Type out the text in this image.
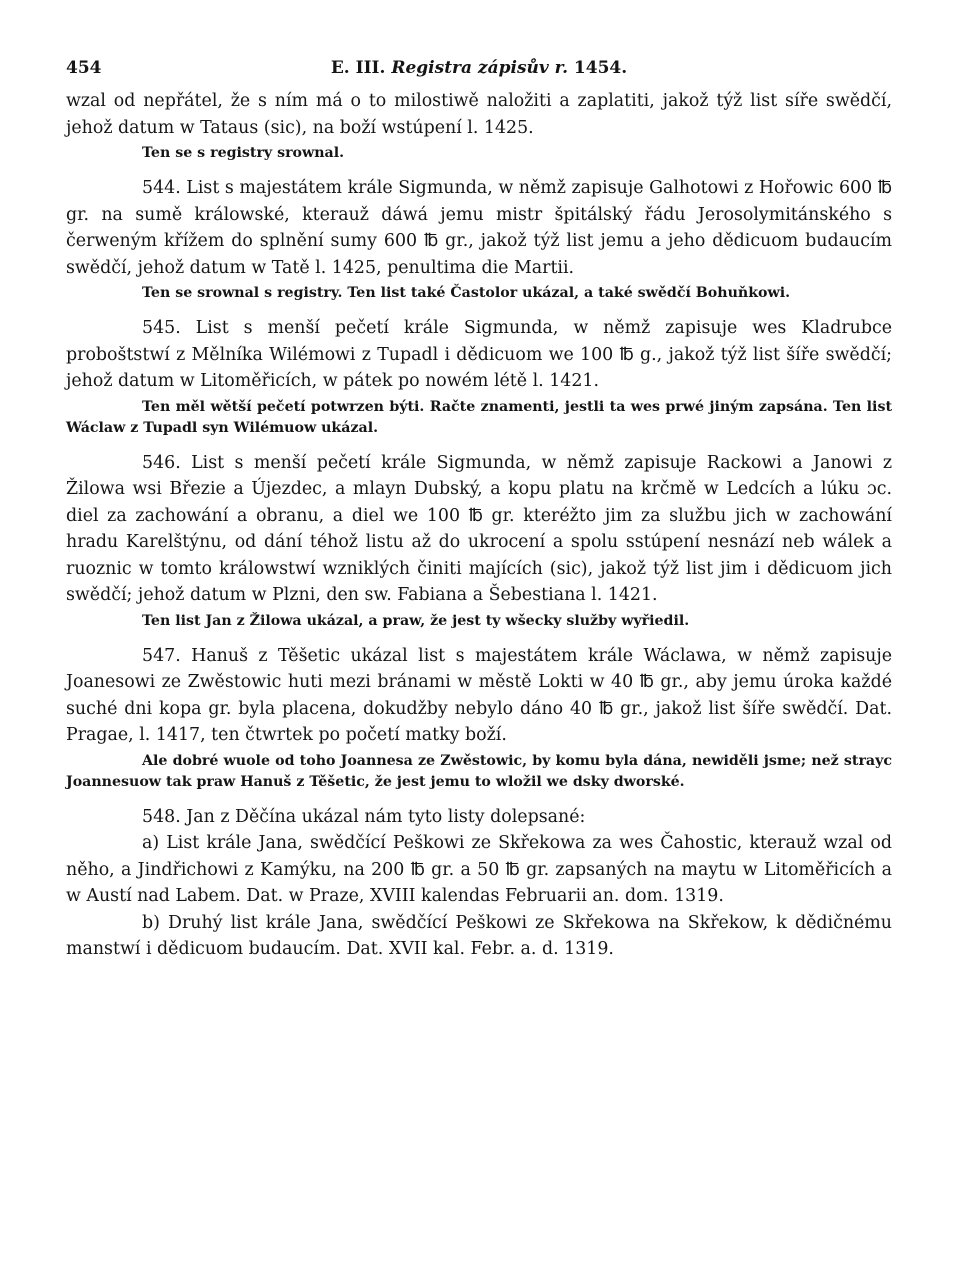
454	E. III. Registra zápisův r. 1454.

wzal od nepřátel, že s ním má o to milostiwě naložiti a zaplatiti, jakož týž list síře swědčí, jehož datum w Tataus (sic), na boží wstúpení l. 1425.

Ten se s registry srownal.

544. List s majestátem krále Sigmunda, w němž zapisuje Galhotowi z Hořowic 600 ℔ gr. na sumě králowské, kterauž dáwá jemu mistr špitálský řádu Jerosolymitánského s čerweným křížem do splnění sumy 600 ℔ gr., jakož týž list jemu a jeho dědicuom budaucím swědčí, jehož datum w Tatě l. 1425, penultima die Martii.

Ten se srownal s registry. Ten list také Častolor ukázal, a také swědčí Bohuňkowi.

545. List s menší pečetí krále Sigmunda, w němž zapisuje wes Kladrubce proboštstwí z Mělníka Wilémowi z Tupadl i dědicuom we 100 ℔ g., jakož týž list šíře swědčí; jehož datum w Litoměřicích, w pátek po nowém létě l. 1421.

Ten měl wětší pečetí potwrzen býti. Račte znamenti, jestli ta wes prwé jiným zapsána. Ten list Wáclaw z Tupadl syn Wilémuow ukázal.

546. List s menší pečetí krále Sigmunda, w němž zapisuje Rackowi a Janowi z Žilowa wsi Březie a Újezdec, a mlayn Dubský, a kopu platu na krčmě w Ledcích a lúku ɔc. diel za zachowání a obranu, a diel we 100 ℔ gr. kteréžto jim za službu jich w zachowání hradu Karelštýnu, od dání téhož listu až do ukrocení a spolu sstúpení nesnází neb wálek a ruoznic w tomto králowstwí wzniklých činiti majících (sic), jakož týž list jim i dědicuom jich swědčí; jehož datum w Plzni, den sw. Fabiana a Šebestiana l. 1421.

Ten list Jan z Žilowa ukázal, a praw, že jest ty wšecky služby wyřiedil.

547. Hanuš z Těšetic ukázal list s majestátem krále Wáclawa, w němž zapisuje Joanesowi ze Zwěstowic huti mezi bránami w městě Lokti w 40 ℔ gr., aby jemu úroka každé suché dni kopa gr. byla placena, dokudžby nebylo dáno 40 ℔ gr., jakož list šíře swědčí. Dat. Pragae, l. 1417, ten čtwrtek po početí matky boží.

Ale dobré wuole od toho Joannesa ze Zwěstowic, by komu byla dána, newiděli jsme; než strayc Joannesuow tak praw Hanuš z Těšetic, že jest jemu to wložil we dsky dworské.

548. Jan z Děčína ukázal nám tyto listy dolepsané:

a) List krále Jana, swědčící Peškowi ze Skřekowa za wes Čahostic, kterauž wzal od něho, a Jindřichowi z Kamýku, na 200 ℔ gr. a 50 ℔ gr. zapsaných na maytu w Litoměřicích a w Austí nad Labem. Dat. w Praze, XVIII kalendas Februarii an. dom. 1319.

b) Druhý list krále Jana, swědčící Peškowi ze Skřekowa na Skřekow, k dědičnému manstwí i dědicuom budaucím. Dat. XVII kal. Febr. a. d. 1319.
